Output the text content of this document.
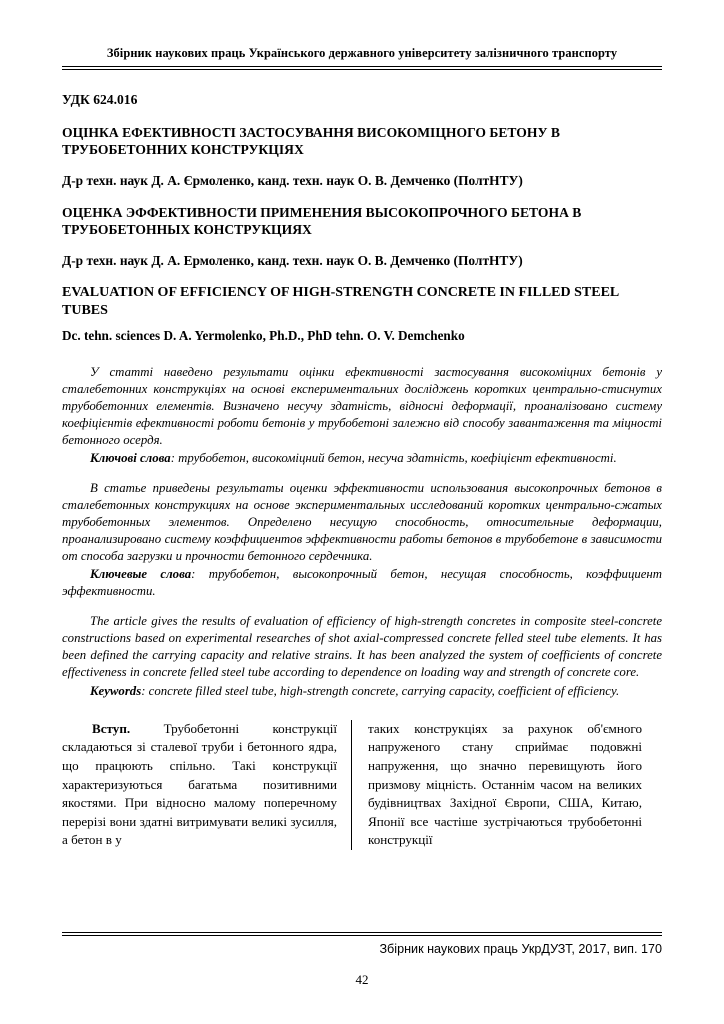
Збірник наукових праць Українського державного університету залізничного транспорту
УДК 624.016
ОЦІНКА ЕФЕКТИВНОСТІ ЗАСТОСУВАННЯ ВИСОКОМІЦНОГО БЕТОНУ В ТРУБОБЕТОННИХ КОНСТРУКЦІЯХ
Д-р техн. наук Д. А. Єрмоленко, канд. техн. наук О. В. Демченко (ПолтНТУ)
ОЦЕНКА ЭФФЕКТИВНОСТИ ПРИМЕНЕНИЯ ВЫСОКОПРОЧНОГО БЕТОНА В ТРУБОБЕТОННЫХ КОНСТРУКЦИЯХ
Д-р техн. наук Д. А. Ермоленко, канд. техн. наук О. В. Демченко (ПолтНТУ)
EVALUATION OF EFFICIENCY OF HIGH-STRENGTH CONCRETE IN FILLED STEEL TUBES
Dc. tehn. sciences D. A. Yermolenko, Ph.D., PhD tehn. O. V. Demchenko

У статті наведено результати оцінки ефективності застосування високоміцних бетонів у сталебетонних конструкціях на основі експериментальних досліджень коротких центрально-стиснутих трубобетонних елементів. Визначено несучу здатність, відносні деформації, проаналізовано систему коефіцієнтів ефективності роботи бетонів у трубобетоні залежно від способу завантаження та міцності бетонного осердя.

Ключові слова: трубобетон, високоміцний бетон, несуча здатність, коефіцієнт ефективності.

В статье приведены результаты оценки эффективности использования высокопрочных бетонов в сталебетонных конструкциях на основе экспериментальных исследований коротких центрально-сжатых трубобетонных элементов. Определено несущую способность, относительные деформации, проанализировано систему коэффициентов эффективности работы бетонов в трубобетоне в зависимости от способа загрузки и прочности бетонного сердечника.

Ключевые слова: трубобетон, высокопрочный бетон, несущая способность, коэффициент эффективности.

The article gives the results of evaluation of efficiency of high-strength concretes in composite steel-concrete constructions based on experimental researches of shot axial-compressed concrete felled steel tube elements. It has been defined the carrying capacity and relative strains. It has been analyzed the system of coefficients of concrete effectiveness in concrete felled steel tube according to dependence on loading way and strength of concrete core.

Keywords: concrete filled steel tube, high-strength concrete, carrying capacity, coefficient of efficiency.

Вступ. Трубобетонні конструкції складаються зі сталевої труби і бетонного ядра, що працюють спільно. Такі конструкції характеризуються багатьма позитивними якостями. При відносно малому поперечному перерізі вони здатні витримувати великі зусилля, а бетон в у

таких конструкціях за рахунок об'ємного напруженого стану сприймає подовжні напруження, що значно перевищують його призмову міцність. Останнім часом на великих будівництвах Західної Європи, США, Китаю, Японії все частіше зустрічаються трубобетонні конструкції

Збірник наукових праць УкрДУЗТ, 2017, вип. 170
42
